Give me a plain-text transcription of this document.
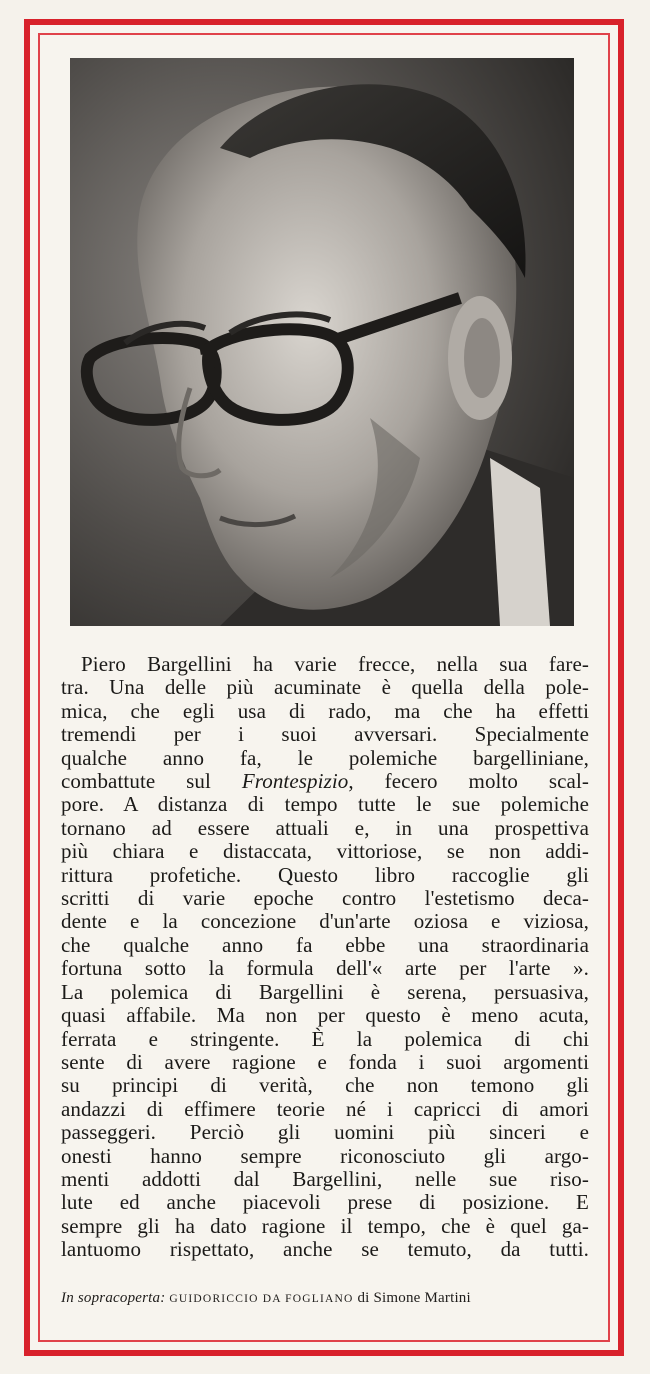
Piero Bargellini ha varie frecce, nella sua fare-
tra. Una delle più acuminate è quella della pole-
mica, che egli usa di rado, ma che ha effetti
tremendi per i suoi avversari. Specialmente
qualche anno fa, le polemiche bargelliniane,
combattute sul Frontespizio, fecero molto scal-
pore. A distanza di tempo tutte le sue polemiche
tornano ad essere attuali e, in una prospettiva
più chiara e distaccata, vittoriose, se non addi-
rittura profetiche. Questo libro raccoglie gli
scritti di varie epoche contro l'estetismo deca-
dente e la concezione d'un'arte oziosa e viziosa,
che qualche anno fa ebbe una straordinaria
fortuna sotto la formula dell'« arte per l'arte ».
La polemica di Bargellini è serena, persuasiva,
quasi affabile. Ma non per questo è meno acuta,
ferrata e stringente. È la polemica di chi
sente di avere ragione e fonda i suoi argomenti
su principi di verità, che non temono gli
andazzi di effimere teorie né i capricci di amori
passeggeri. Perciò gli uomini più sinceri e
onesti hanno sempre riconosciuto gli argo-
menti addotti dal Bargellini, nelle sue riso-
lute ed anche piacevoli prese di posizione. E
sempre gli ha dato ragione il tempo, che è quel ga-
lantuomo rispettato, anche se temuto, da tutti.
In sopracoperta: GUIDORICCIO DA FOGLIANO di Simone Martini
